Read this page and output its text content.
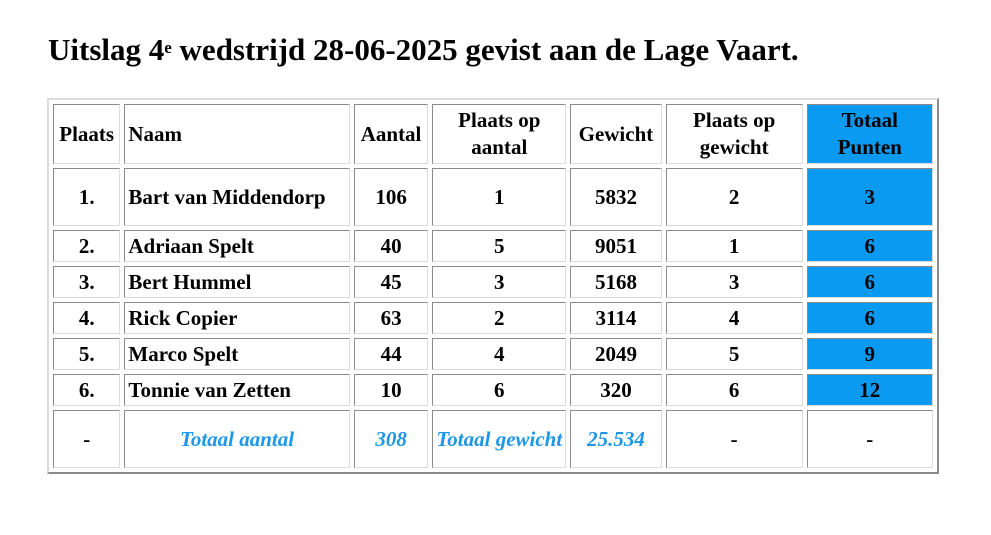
Uitslag 4e wedstrijd 28-06-2025 gevist aan de Lage Vaart.
Plaats	Naam	Aantal	Plaats op aantal	Gewicht	Plaats op gewicht	Totaal Punten
1.	Bart van Middendorp	106	1	5832	2	3
2.	Adriaan Spelt	40	5	9051	1	6
3.	Bert Hummel	45	3	5168	3	6
4.	Rick Copier	63	2	3114	4	6
5.	Marco Spelt	44	4	2049	5	9
6.	Tonnie van Zetten	10	6	320	6	12
-	Totaal aantal	308	Totaal gewicht	25.534	-	-
